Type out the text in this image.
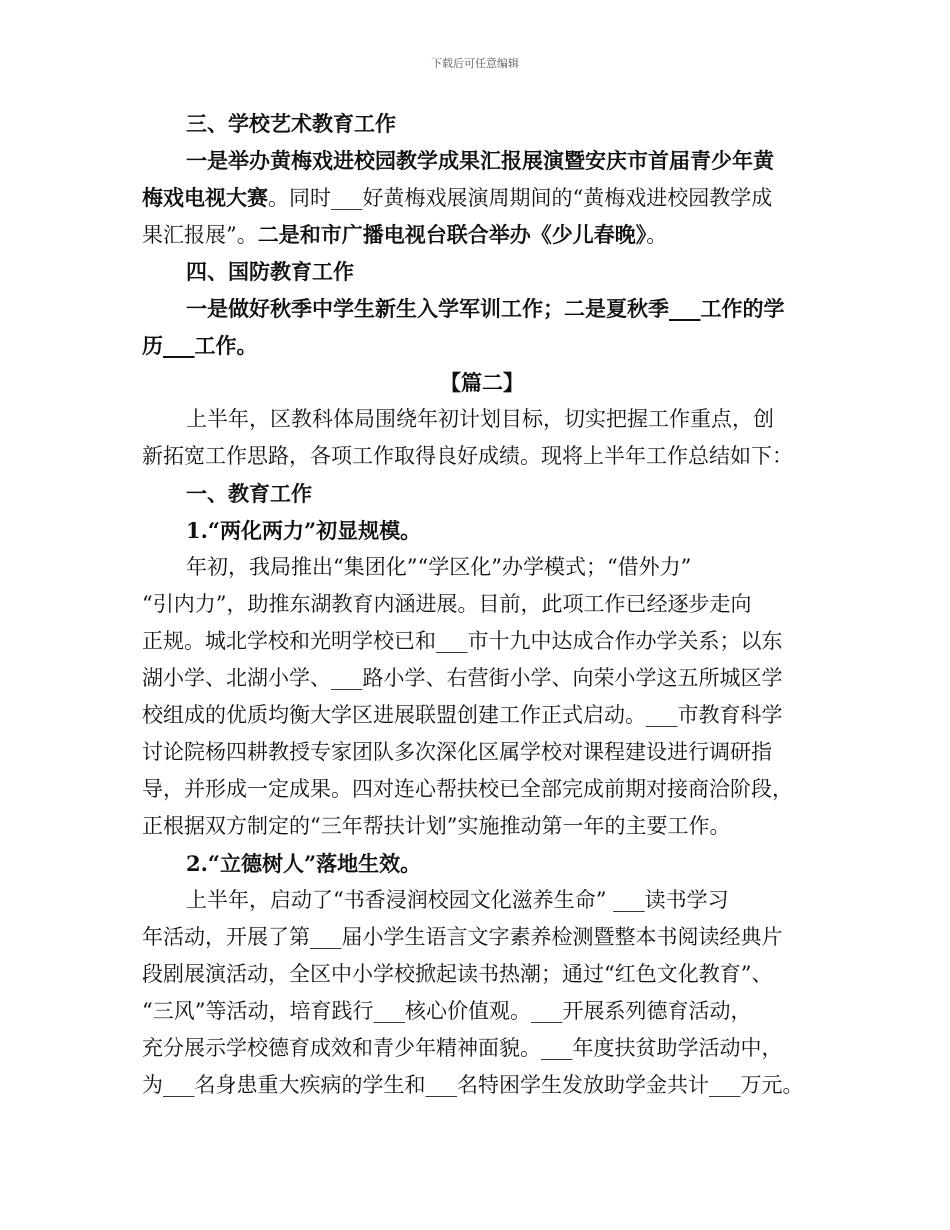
下载后可任意编辑
三、学校艺术教育工作
一是举办黄梅戏进校园教学成果汇报展演暨安庆市首届青少年黄
梅戏电视大赛。同时___好黄梅戏展演周期间的“黄梅戏进校园教学成
果汇报展”。二是和市广播电视台联合举办《少儿春晚》。
四、国防教育工作
一是做好秋季中学生新生入学军训工作；二是夏秋季___工作的学
历___工作。
【篇二】
上半年，区教科体局围绕年初计划目标，切实把握工作重点，创
新拓宽工作思路，各项工作取得良好成绩。现将上半年工作总结如下：
一、教育工作
1.“两化两力”初显规模。
年初，我局推出“集团化”“学区化”办学模式；“借外力”
“引内力”，助推东湖教育内涵进展。目前，此项工作已经逐步走向
正规。城北学校和光明学校已和___市十九中达成合作办学关系；以东
湖小学、北湖小学、___路小学、右营街小学、向荣小学这五所城区学
校组成的优质均衡大学区进展联盟创建工作正式启动。___市教育科学
讨论院杨四耕教授专家团队多次深化区属学校对课程建设进行调研指
导，并形成一定成果。四对连心帮扶校已全部完成前期对接商洽阶段，
正根据双方制定的“三年帮扶计划”实施推动第一年的主要工作。
2.“立德树人”落地生效。
上半年，启动了“书香浸润校园文化滋养生命” ___读书学习
年活动，开展了第___届小学生语言文字素养检测暨整本书阅读经典片
段剧展演活动，全区中小学校掀起读书热潮；通过“红色文化教育”、
“三风”等活动，培育践行___核心价值观。___开展系列德育活动，
充分展示学校德育成效和青少年精神面貌。___年度扶贫助学活动中，
为___名身患重大疾病的学生和___名特困学生发放助学金共计___万元。
